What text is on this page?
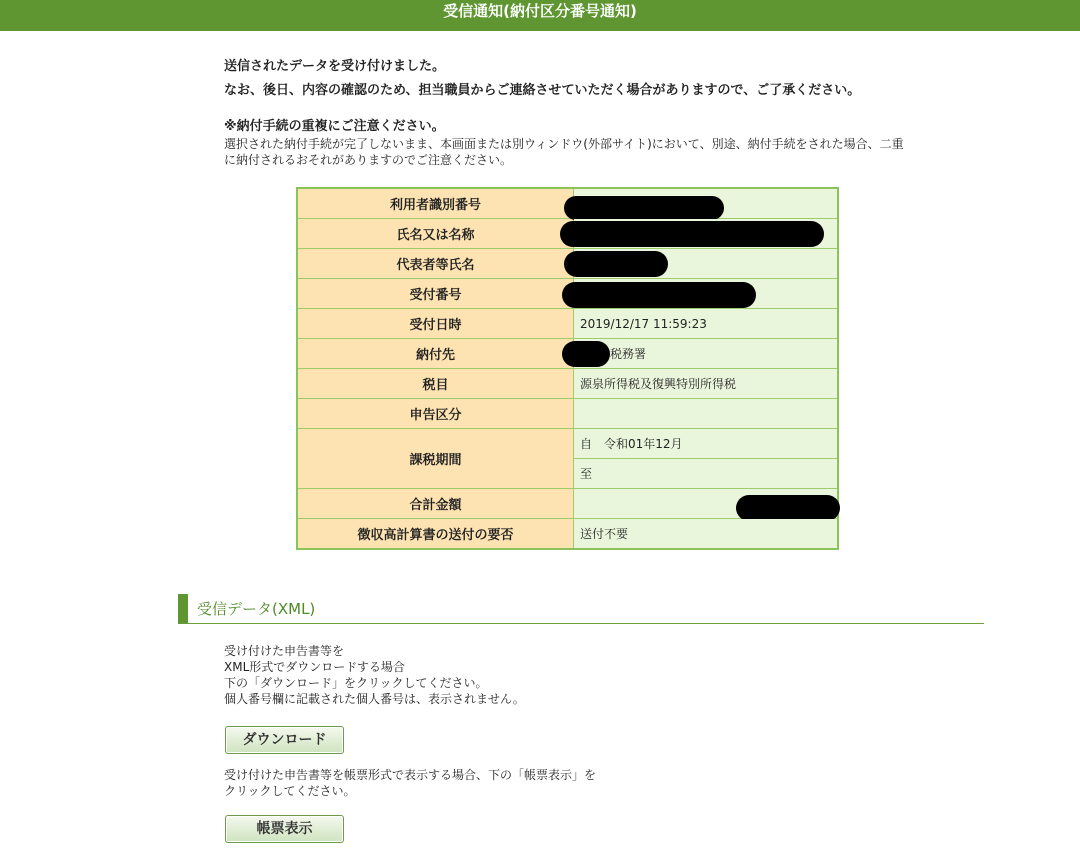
受信通知(納付区分番号通知)
送信されたデータを受け付けました。
なお、後日、内容の確認のため、担当職員からご連絡させていただく場合がありますので、ご了承ください。
※納付手続の重複にご注意ください。
選択された納付手続が完了しないまま、本画面または別ウィンドウ(外部サイト)において、別途、納付手続をされた場合、二重
に納付されるおそれがありますのでご注意ください。
利用者識別番号	

氏名又は名称	

代表者等氏名	

受付番号	

受付日時	2019/12/17 11:59:23
納付先	税務署
税目	源泉所得税及復興特別所得税
申告区分	
課税期間	自　令和01年12月
	至
合計金額	

徴収高計算書の送付の要否	送付不要
受信データ(XML)
受け付けた申告書等を
XML形式でダウンロードする場合
下の「ダウンロード」をクリックしてください。
個人番号欄に記載された個人番号は、表示されません。
ダウンロード
受け付けた申告書等を帳票形式で表示する場合、下の「帳票表示」を
クリックしてください。
帳票表示
